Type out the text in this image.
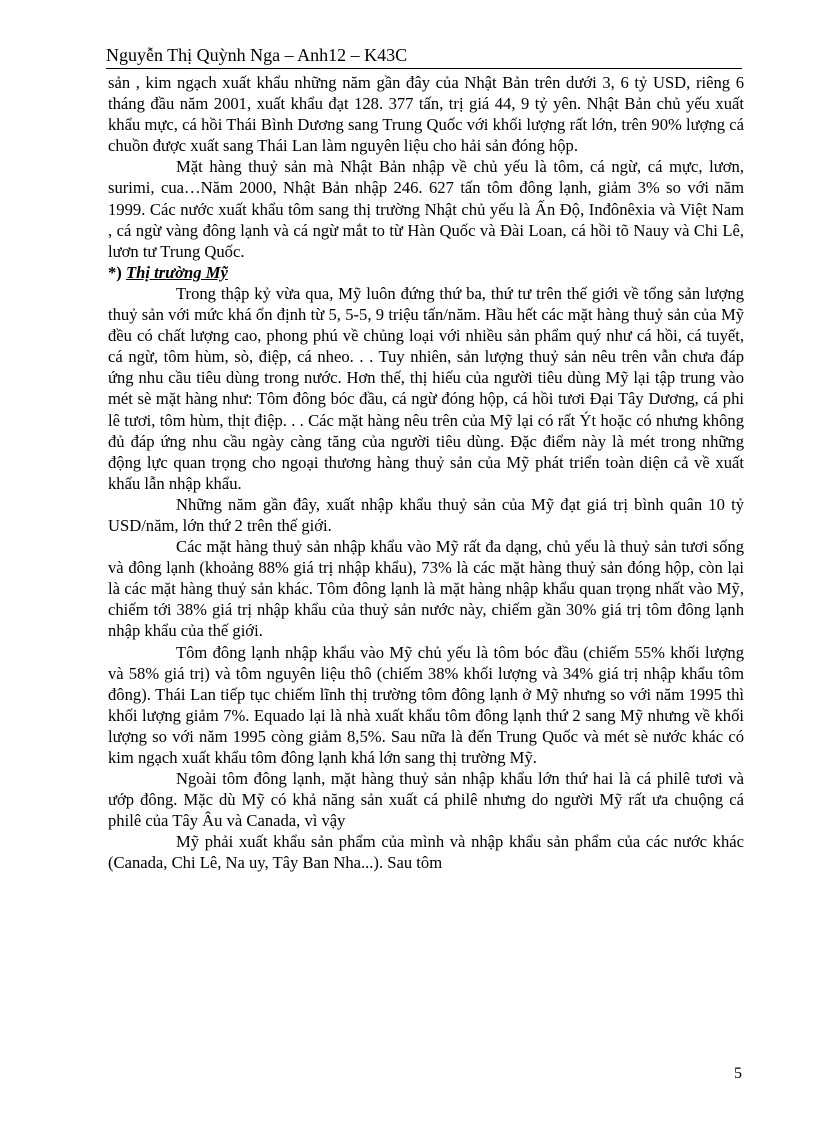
Nguyễn Thị Quỳnh Nga – Anh12 – K43C

sản , kim ngạch xuất khẩu những năm gần đây của Nhật Bản trên dưới 3, 6 tỷ USD, riêng 6 tháng đầu năm 2001, xuất khẩu đạt 128. 377 tấn, trị giá 44, 9 tỷ yên. Nhật Bản chủ yếu xuất khẩu mực, cá hồi Thái Bình Dương sang Trung Quốc với khối lượng rất lớn, trên 90% lượng cá chuồn được xuất sang Thái Lan làm nguyên liệu cho hải sản đóng hộp.

Mặt hàng thuỷ sản mà Nhật Bản nhập về chủ yếu là tôm, cá ngừ, cá mực, lươn, surimi, cua…Năm 2000, Nhật Bản nhập 246. 627 tấn tôm đông lạnh, giảm 3% so với năm 1999. Các nước xuất khẩu tôm sang thị trường Nhật chủ yếu là Ấn Độ, Inđônêxia và Việt Nam , cá ngừ vàng đông lạnh và cá ngừ mắt to từ Hàn Quốc và Đài Loan, cá hồi tõ Nauy và Chi Lê, lươn tư Trung Quốc.

*) Thị trường Mỹ

Trong thập kỷ vừa qua, Mỹ luôn đứng thứ ba, thứ tư trên thế giới về tổng sản lượng thuỷ sản với mức khá ổn định từ 5, 5-5, 9 triệu tấn/năm. Hầu hết các mặt hàng thuỷ sản của Mỹ đều có chất lượng cao, phong phú về chủng loại với nhiều sản phẩm quý như cá hồi, cá tuyết, cá ngừ, tôm hùm, sò, điệp, cá nheo. . . Tuy nhiên, sản lượng thuỷ sản nêu trên vẫn chưa đáp ứng nhu cầu tiêu dùng trong nước. Hơn thế, thị hiếu của người tiêu dùng Mỹ lại tập trung vào mét sè mặt hàng như: Tôm đông bóc đầu, cá ngừ đóng hộp, cá hồi tươi Đại Tây Dương, cá phi lê tươi, tôm hùm, thịt điệp. . . Các mặt hàng nêu trên của Mỹ lại có rất Ýt hoặc có nhưng không đủ đáp ứng nhu cầu ngày càng tăng của người tiêu dùng. Đặc điểm này là mét trong những động lực quan trọng cho ngoại thương hàng thuỷ sản của Mỹ phát triển toàn diện cả về xuất khẩu lẫn nhập khẩu.

Những năm gần đây, xuất nhập khẩu thuỷ sản của Mỹ đạt giá trị bình quân 10 tỷ USD/năm, lớn thứ 2 trên thế giới.

Các mặt hàng thuỷ sản nhập khẩu vào Mỹ rất đa dạng, chủ yếu là thuỷ sản tươi sống và đông lạnh (khoảng 88% giá trị nhập khẩu), 73% là các mặt hàng thuỷ sản đóng hộp, còn lại là các mặt hàng thuỷ sản khác. Tôm đông lạnh là mặt hàng nhập khẩu quan trọng nhất vào Mỹ, chiếm tới 38% giá trị nhập khẩu của thuỷ sản nước này, chiếm gần 30% giá trị tôm đông lạnh nhập khẩu của thế giới.

Tôm đông lạnh nhập khẩu vào Mỹ chủ yếu là tôm bóc đầu (chiếm 55% khối lượng và 58% giá trị) và tôm nguyên liệu thô (chiếm 38% khối lượng và 34% giá trị nhập khẩu tôm đông). Thái Lan tiếp tục chiếm lĩnh thị trường tôm đông lạnh ở Mỹ nhưng so với năm 1995 thì khối lượng giảm 7%. Equado lại là nhà xuất khẩu tôm đông lạnh thứ 2 sang Mỹ nhưng về khối lượng so với năm 1995 còng giảm 8,5%. Sau nữa là đến Trung Quốc và mét sè nước khác có kim ngạch xuất khẩu tôm đông lạnh khá lớn sang thị trường Mỹ.

Ngoài tôm đông lạnh, mặt hàng thuỷ sản nhập khẩu lớn thứ hai là cá philê tươi và ướp đông. Mặc dù Mỹ có khả năng sản xuất cá philê nhưng do người Mỹ rất ưa chuộng cá philê của Tây Âu và Canada, vì vậy

Mỹ phải xuất khẩu sản phẩm của mình và nhập khẩu sản phẩm của các nước khác (Canada, Chi Lê, Na uy, Tây Ban Nha...). Sau tôm

5
